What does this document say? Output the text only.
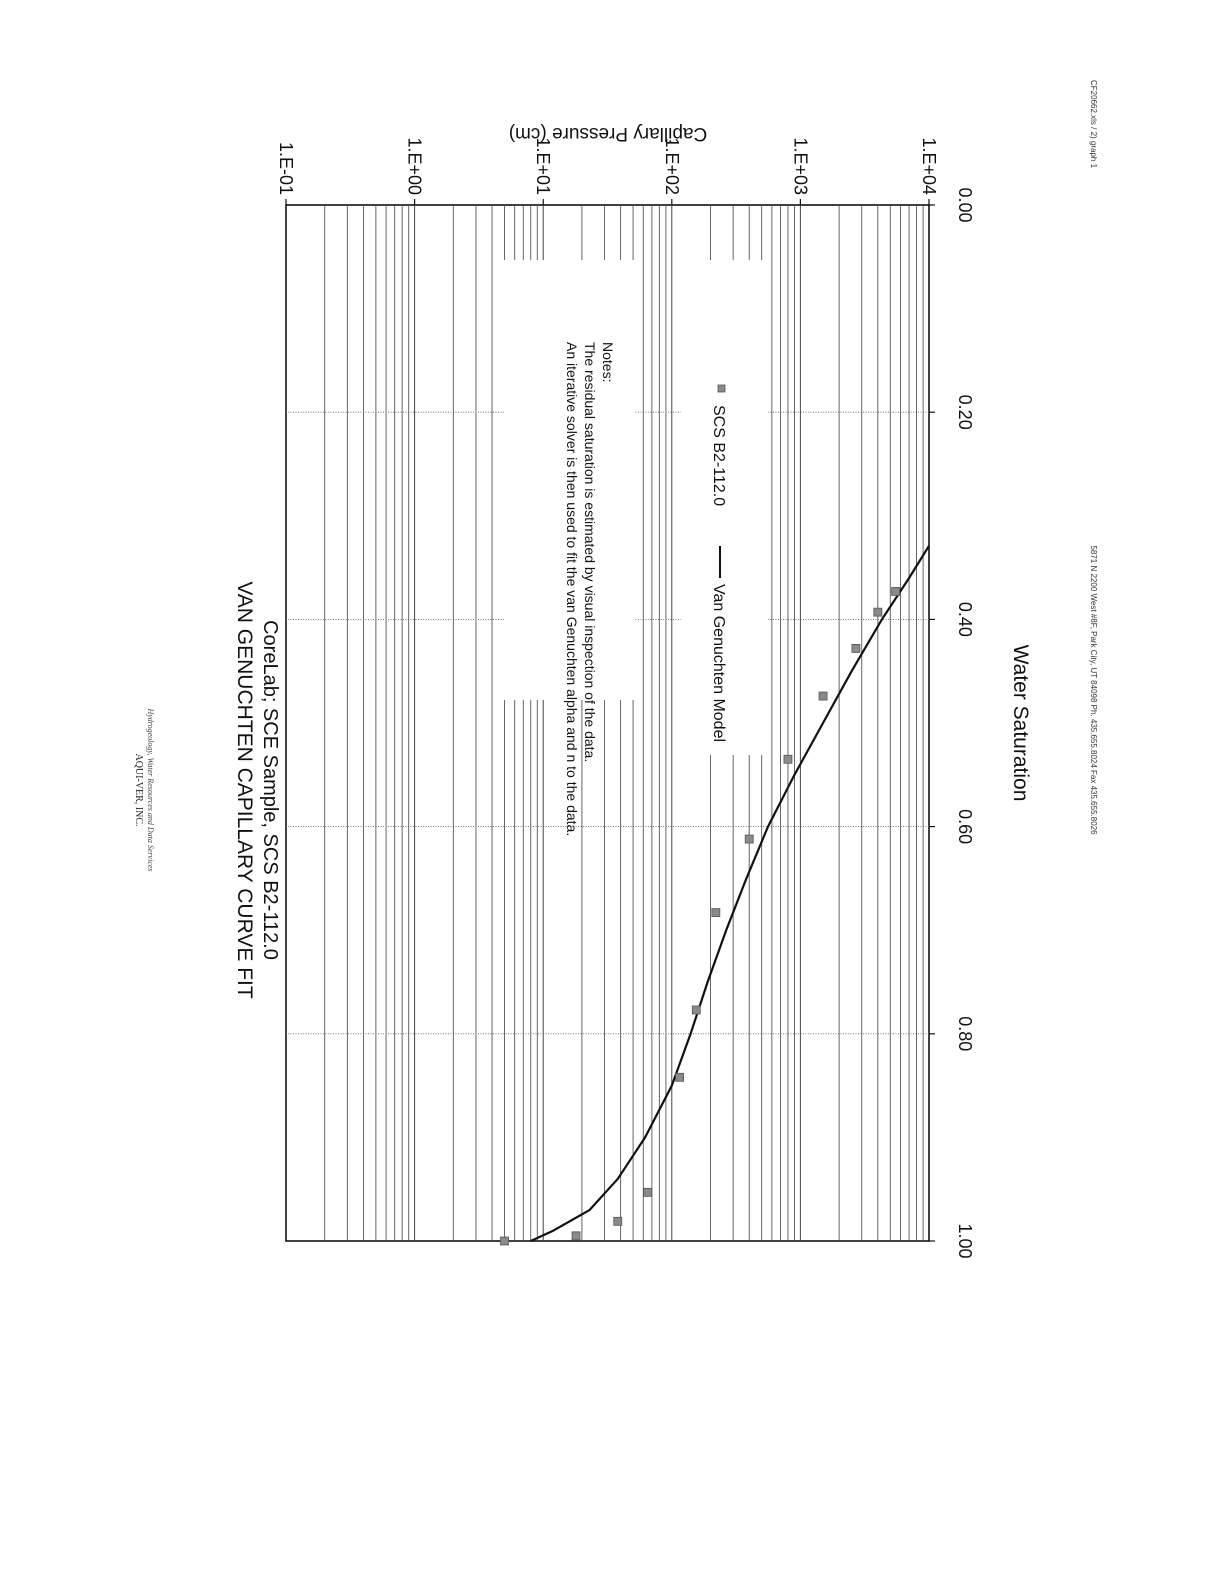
AQUI-VER, INC. Hydrogeology, Water Resources and Data Services	VAN GENUCHTEN CAPILLARY CURVE FIT CoreLab; SCE Sample, SCS B2-112.0
0.00
0.20
0.40
0.60
0.80
1.00
1.E-01	1.E+00	1.E+01	1.E+02	1.E+03	1.E+04
SCS B2-112.0
Van Genuchten Model
Notes:
The residual saturation is estimated by visual inspection of the data.
An iterative solver is then used to fit the van Genuchten alpha and n to the data.	Water Saturation
Capillary Pressure (cm)
5871 N 2200 West #8F, Park City, UT 84098 Ph. 435.655.8024 Fax 435.655.8026
CF20662.xls / 2) graph 1
